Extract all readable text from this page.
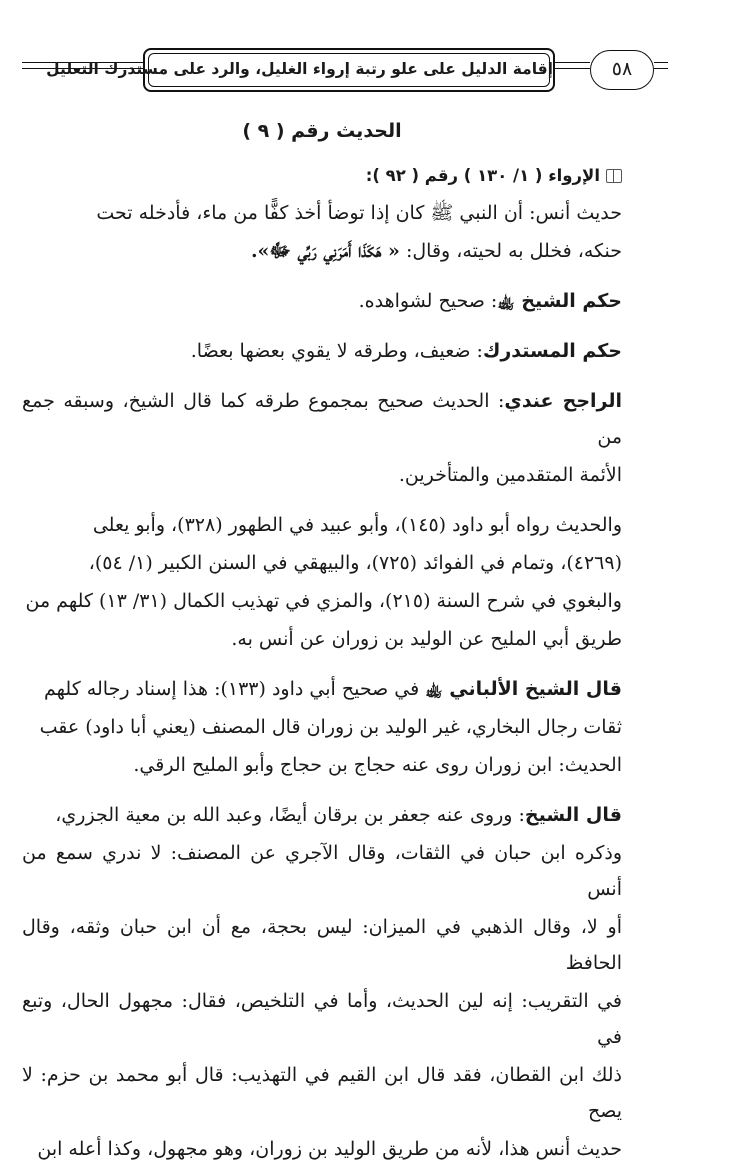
إقامة الدليل على علو رتبة إرواء الغليل، والرد على مستدرك التعليل	٥٨
الحديث رقم ( ٩ )
الإرواء ( ١/ ١٣٠ ) رقم ( ٩٢ ):

حديث أنس: أن النبي ﷺ كان إذا توضأ أخذ كفًّا من ماء، فأدخله تحت

حنكه، فخلل به لحيته، وقال: « هَكَذَا أَمَرَنِي رَبِّي ﷻ».

حكم الشيخ ﵀: صحيح لشواهده.

حكم المستدرك: ضعيف، وطرقه لا يقوي بعضها بعضًا.

الراجح عندي: الحديث صحيح بمجموع طرقه كما قال الشيخ، وسبقه جمع من

الأئمة المتقدمين والمتأخرين.

والحديث رواه أبو داود (١٤٥)، وأبو عبيد في الطهور (٣٢٨)، وأبو يعلى

(٤٢٦٩)، وتمام في الفوائد (٧٢٥)، والبيهقي في السنن الكبير (١/ ٥٤)،

والبغوي في شرح السنة (٢١٥)، والمزي في تهذيب الكمال (٣١/ ١٣) كلهم من

طريق أبي المليح عن الوليد بن زوران عن أنس به.

قال الشيخ الألباني ﵀ في صحيح أبي داود (١٣٣): هذا إسناد رجاله كلهم

ثقات رجال البخاري، غير الوليد بن زوران قال المصنف (يعني أبا داود) عقب

الحديث: ابن زوران روى عنه حجاج بن حجاج وأبو المليح الرقي.

قال الشيخ: وروى عنه جعفر بن برقان أيضًا، وعبد الله بن معية الجزري،

وذكره ابن حبان في الثقات، وقال الآجري عن المصنف: لا ندري سمع من أنس

أو لا، وقال الذهبي في الميزان: ليس بحجة، مع أن ابن حبان وثقه، وقال الحافظ

في التقريب: إنه لين الحديث، وأما في التلخيص، فقال: مجهول الحال، وتبع في

ذلك ابن القطان، فقد قال ابن القيم في التهذيب: قال أبو محمد بن حزم: لا يصح

حديث أنس هذا، لأنه من طريق الوليد بن زوران، وهو مجهول، وكذا أعله ابن
